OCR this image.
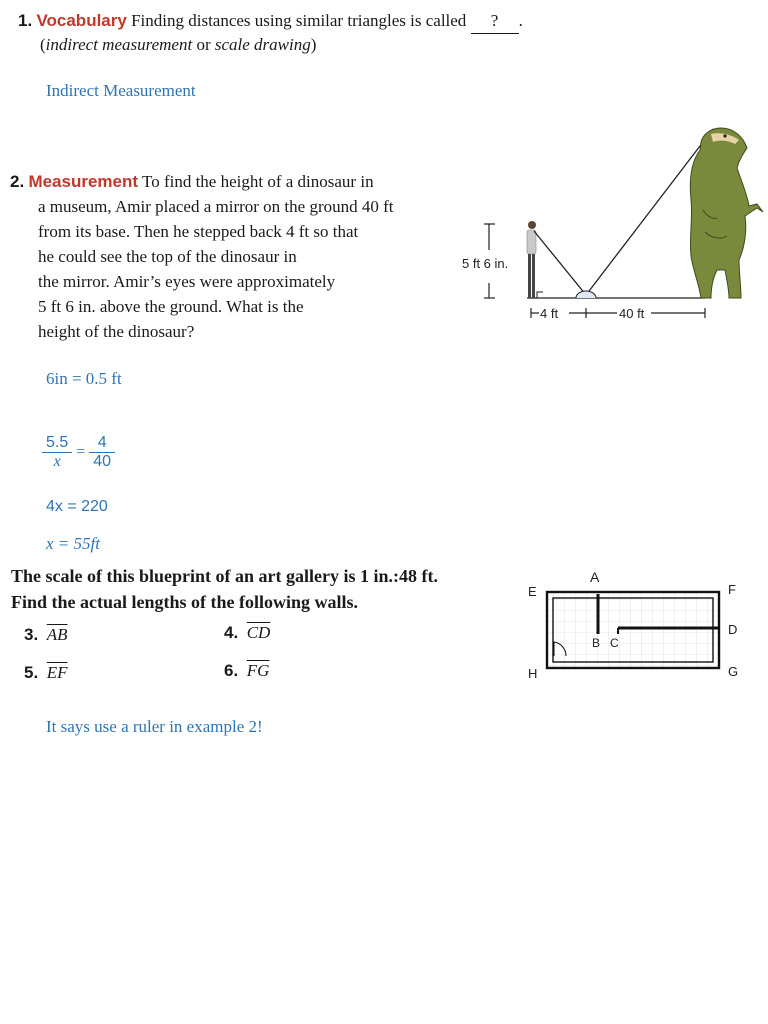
1. Vocabulary Finding distances using similar triangles is called ? .
(indirect measurement or scale drawing)
Indirect Measurement
2. Measurement To find the height of a dinosaur in
a museum, Amir placed a mirror on the ground 40 ft
from its base. Then he stepped back 4 ft so that
he could see the top of the dinosaur in
the mirror. Amir’s eyes were approximately
5 ft 6 in. above the ground. What is the
height of the dinosaur?
5 ft 6 in.
4 ft	40 ft
6in = 0.5 ft
$\frac{5.5}{x} = \frac{4}{40}$
4x = 220
x = 55ft
The scale of this blueprint of an art gallery is 1 in.:48 ft.
Find the actual lengths of the following walls.
3. $\overline{AB}$	4. $\overline{CD}$
5. $\overline{EF}$	6. $\overline{FG}$
A
B C
D
E	F
G
H
It says use a ruler in example 2!
